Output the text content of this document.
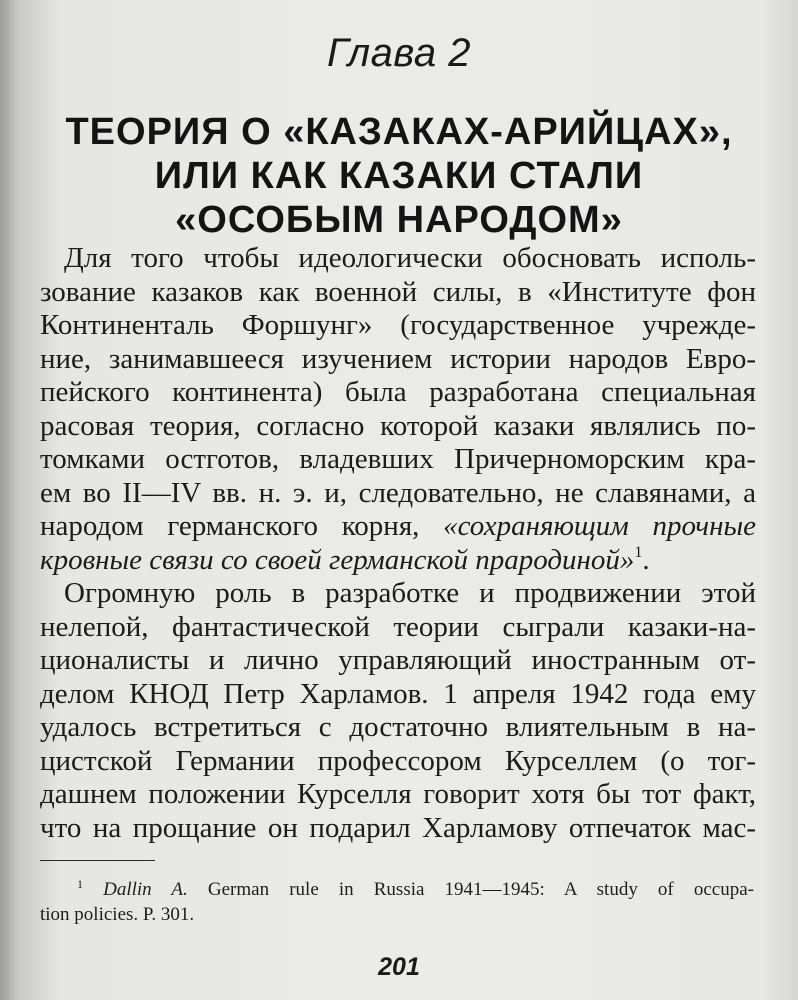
Глава 2
ТЕОРИЯ О «КАЗАКАХ-АРИЙЦАХ»,
ИЛИ КАК КАЗАКИ СТАЛИ
«ОСОБЫМ НАРОДОМ»
Для того чтобы идеологически обосновать исполь-
зование казаков как военной силы, в «Институте фон
Континенталь Форшунг» (государственное учрежде-
ние, занимавшееся изучением истории народов Евро-
пейского континента) была разработана специальная
расовая теория, согласно которой казаки являлись по-
томками остготов, владевших Причерноморским кра-
ем во II—IV вв. н. э. и, следовательно, не славянами, а
народом германского корня, «сохраняющим прочные
кровные связи со своей германской прародиной»$^1$.
Огромную роль в разработке и продвижении этой
нелепой, фантастической теории сыграли казаки-на-
ционалисты и лично управляющий иностранным от-
делом КНОД Петр Харламов. 1 апреля 1942 года ему
удалось встретиться с достаточно влиятельным в на-
цистской Германии профессором Курселлем (о тог-
дашнем положении Курселля говорит хотя бы тот факт,
что на прощание он подарил Харламову отпечаток мас-
$^1$ Dallin A. German rule in Russia 1941—1945: A study of occupa-
tion policies. P. 301.
201
